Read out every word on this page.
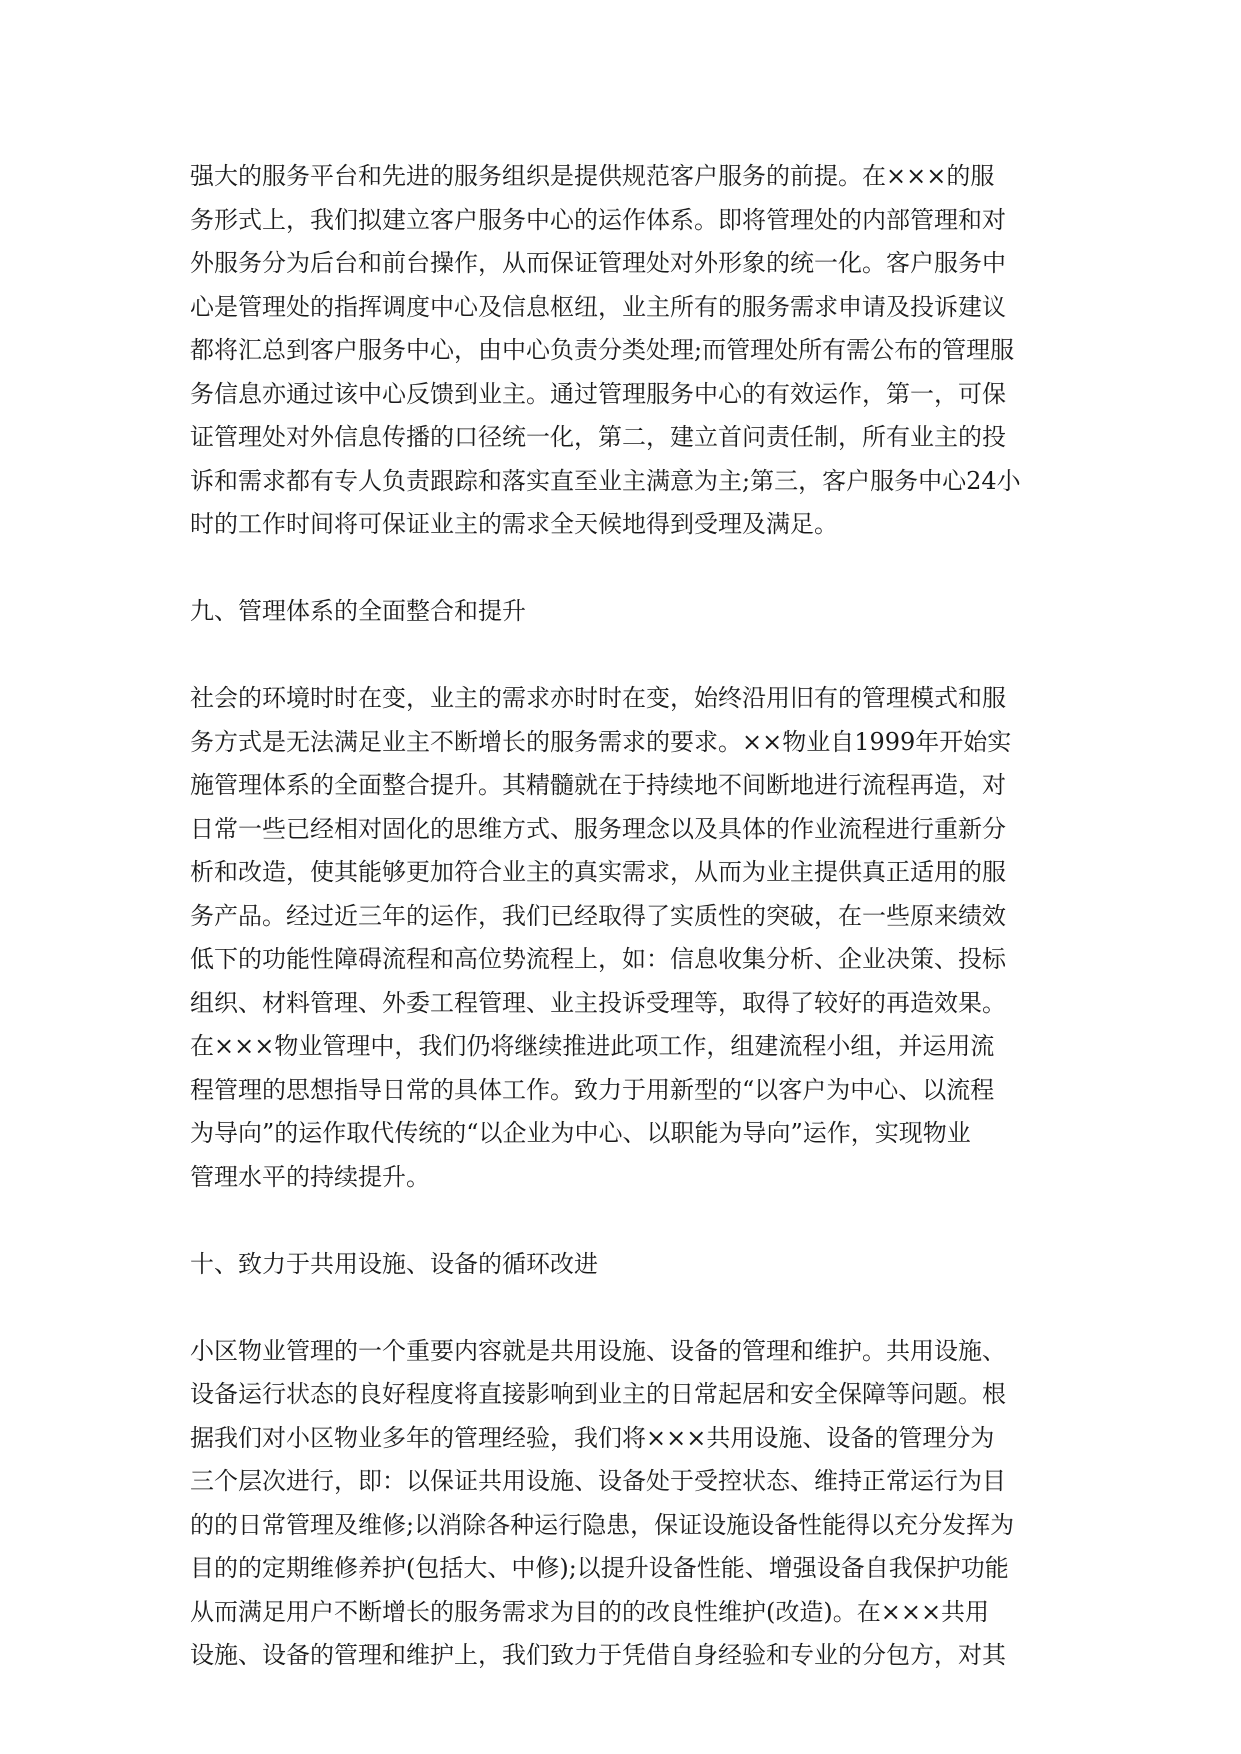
强大的服务平台和先进的服务组织是提供规范客户服务的前提。在×××的服
务形式上，我们拟建立客户服务中心的运作体系。即将管理处的内部管理和对
外服务分为后台和前台操作，从而保证管理处对外形象的统一化。客户服务中
心是管理处的指挥调度中心及信息枢纽，业主所有的服务需求申请及投诉建议
都将汇总到客户服务中心，由中心负责分类处理;而管理处所有需公布的管理服
务信息亦通过该中心反馈到业主。通过管理服务中心的有效运作，第一，可保
证管理处对外信息传播的口径统一化，第二，建立首问责任制，所有业主的投
诉和需求都有专人负责跟踪和落实直至业主满意为主;第三，客户服务中心24小
时的工作时间将可保证业主的需求全天候地得到受理及满足。

九、管理体系的全面整合和提升

社会的环境时时在变，业主的需求亦时时在变，始终沿用旧有的管理模式和服
务方式是无法满足业主不断增长的服务需求的要求。××物业自1999年开始实
施管理体系的全面整合提升。其精髓就在于持续地不间断地进行流程再造，对
日常一些已经相对固化的思维方式、服务理念以及具体的作业流程进行重新分
析和改造，使其能够更加符合业主的真实需求，从而为业主提供真正适用的服
务产品。经过近三年的运作，我们已经取得了实质性的突破，在一些原来绩效
低下的功能性障碍流程和高位势流程上，如：信息收集分析、企业决策、投标
组织、材料管理、外委工程管理、业主投诉受理等，取得了较好的再造效果。
在×××物业管理中，我们仍将继续推进此项工作，组建流程小组，并运用流
程管理的思想指导日常的具体工作。致力于用新型的“以客户为中心、以流程
为导向”的运作取代传统的“以企业为中心、以职能为导向”运作，实现物业
管理水平的持续提升。

十、致力于共用设施、设备的循环改进

小区物业管理的一个重要内容就是共用设施、设备的管理和维护。共用设施、
设备运行状态的良好程度将直接影响到业主的日常起居和安全保障等问题。根
据我们对小区物业多年的管理经验，我们将×××共用设施、设备的管理分为
三个层次进行，即：以保证共用设施、设备处于受控状态、维持正常运行为目
的的日常管理及维修;以消除各种运行隐患，保证设施设备性能得以充分发挥为
目的的定期维修养护(包括大、中修);以提升设备性能、增强设备自我保护功能
从而满足用户不断增长的服务需求为目的的改良性维护(改造)。在×××共用
设施、设备的管理和维护上，我们致力于凭借自身经验和专业的分包方，对其
